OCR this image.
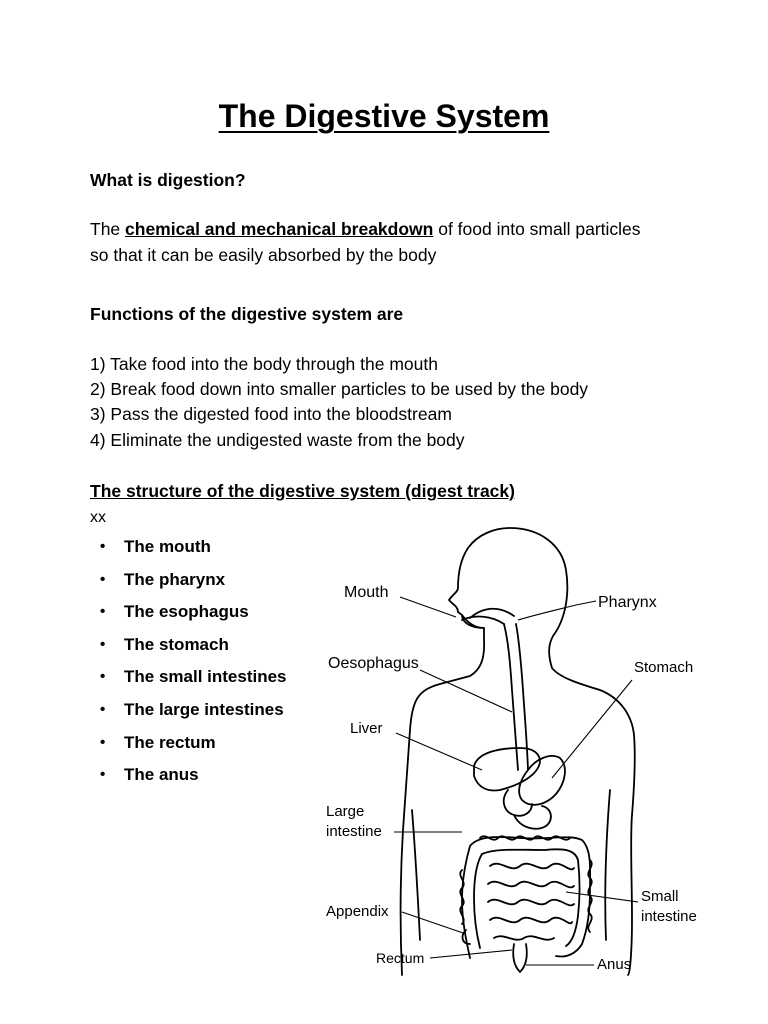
The Digestive System
What is digestion?
The chemical and mechanical breakdown of food into small particles
so that it can be easily absorbed by the body
Functions of the digestive system are
1) Take food into the body through the mouth
2) Break food down into smaller particles to be used by the body
3) Pass the digested food into the bloodstream
4) Eliminate the undigested waste from the body
The structure of the digestive system (digest track)
xx
• The mouth
• The pharynx
• The esophagus
• The stomach
• The small intestines
• The large intestines
• The rectum
• The anus
Mouth
Pharynx
Oesophagus	Stomach
Liver
Large
intestine
Small
intestine
Appendix
Rectum	Anus
